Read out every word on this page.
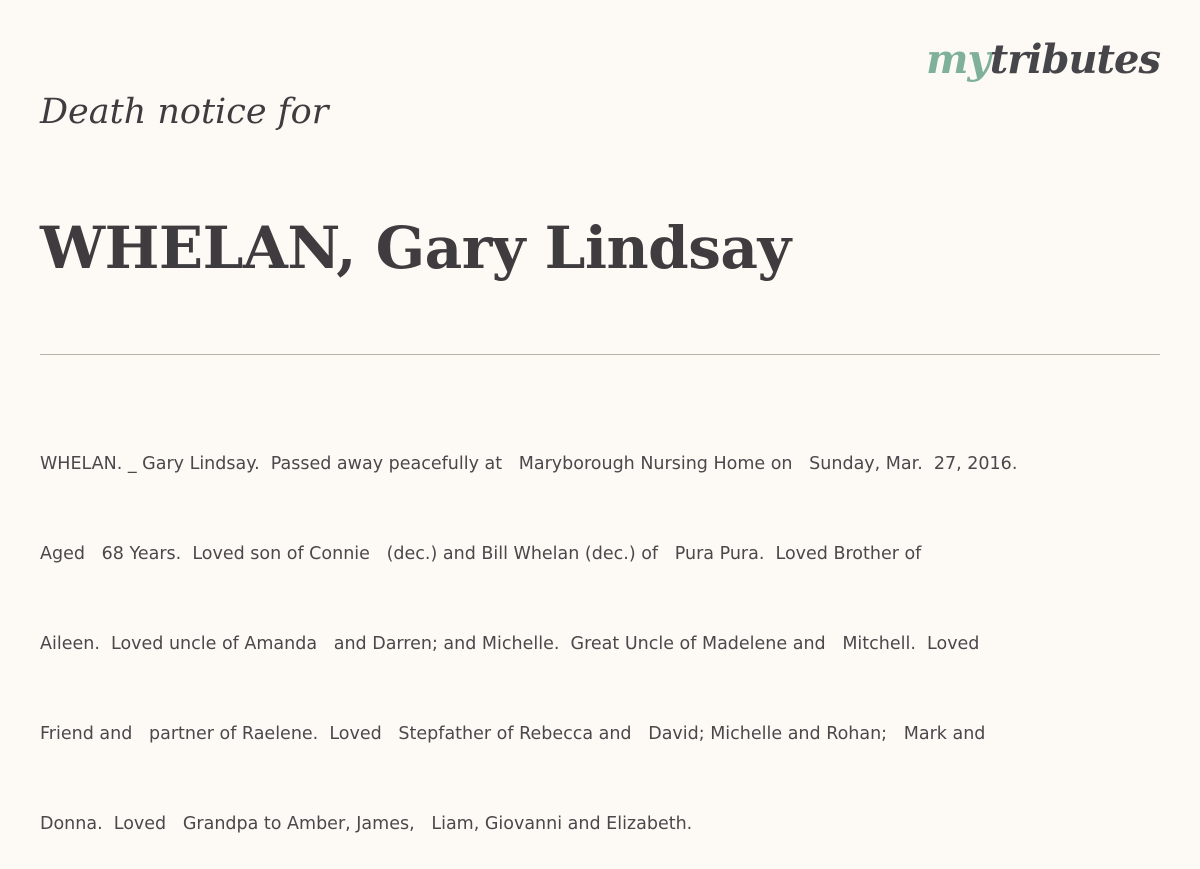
mytributes
Death notice for
WHELAN, Gary Lindsay

WHELAN. _ Gary Lindsay.  Passed away peacefully at   Maryborough Nursing Home on   Sunday, Mar.  27, 2016.

Aged   68 Years.  Loved son of Connie   (dec.) and Bill Whelan (dec.) of   Pura Pura.  Loved Brother of

Aileen.  Loved uncle of Amanda   and Darren; and Michelle.  Great Uncle of Madelene and   Mitchell.  Loved

Friend and   partner of Raelene.  Loved   Stepfather of Rebecca and   David; Michelle and Rohan;   Mark and

Donna.  Loved   Grandpa to Amber, James,   Liam, Giovanni and Elizabeth.
